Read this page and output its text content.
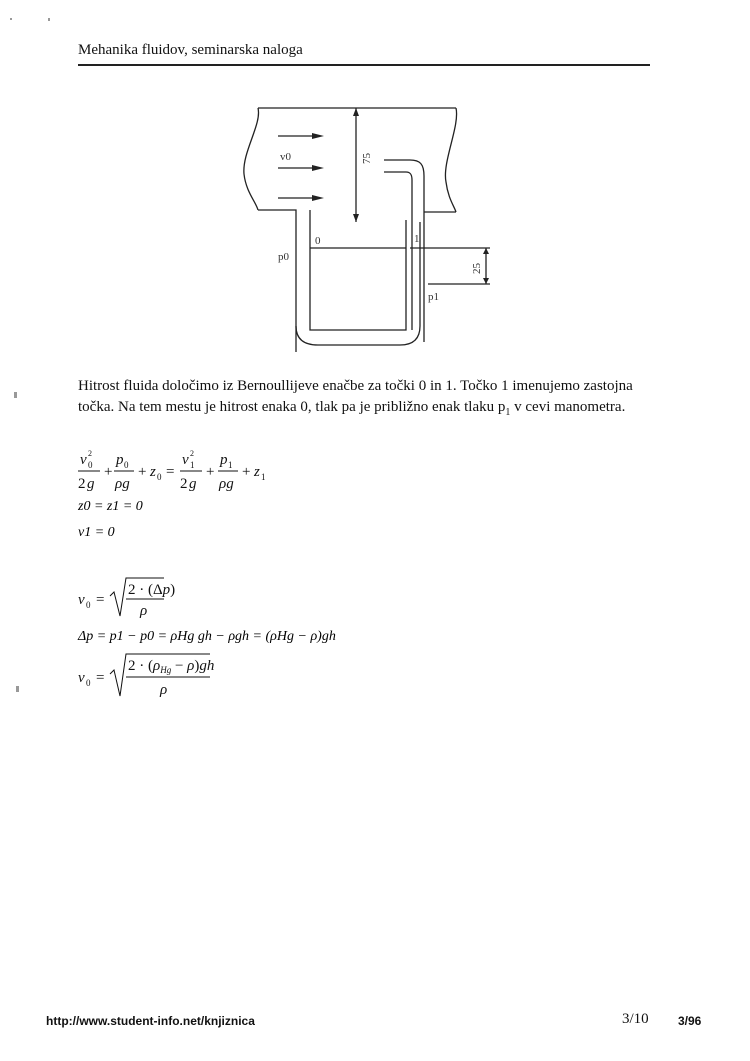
Mehanika fluidov, seminarska naloga
v0
p0
0	1
p1
75
25
Hitrost fluida določimo iz Bernoullijeve enačbe za točki 0 in 1. Točko 1 imenujemo zastojna
točka. Na tem mestu je hitrost enaka 0, tlak pa je približno enak tlaku $p_1$ v cevi manometra.
v 0
2
2 g
+
p 0
ρg
+ z 0 =
v 1
2
2 g
+
p 1
ρg
+ z 1
z0 = z1 = 0
v1 = 0
v 0 =
2 · (Δp)
ρ
Δp = p1 − p0 = ρHg gh − ρgh = (ρHg − ρ)gh
v 0 =
$2 \cdot (\rho_{Hg} - \rho)gh$
ρ
http://www.student-info.net/knjiznica	3/10 3/96
